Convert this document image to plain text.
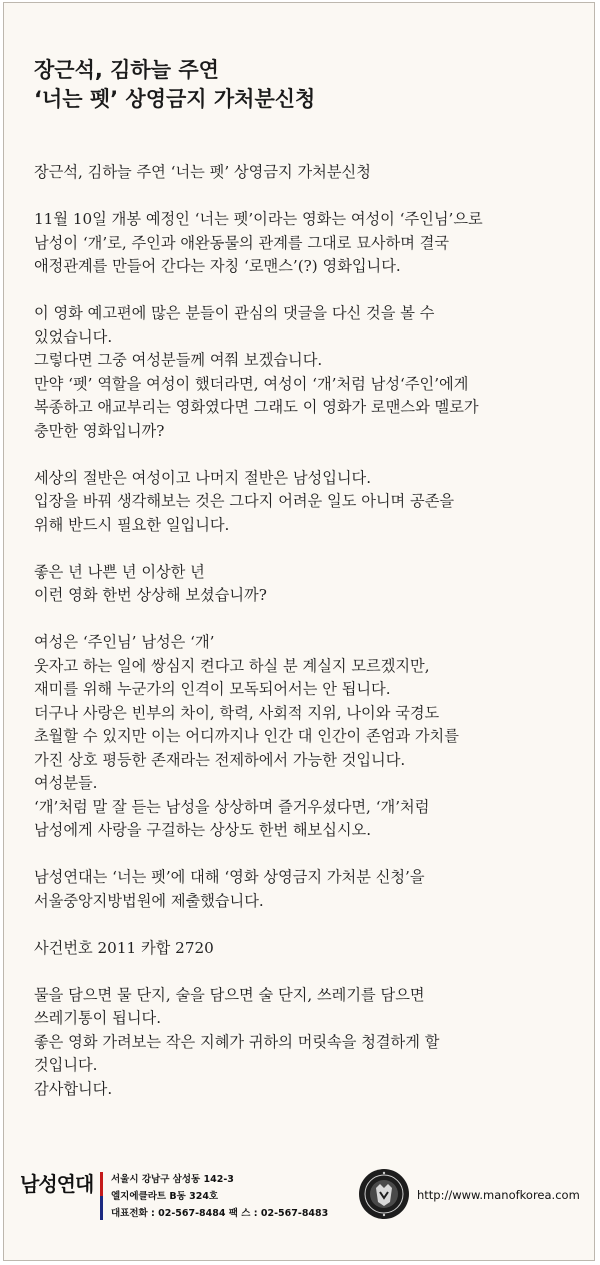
장근석, 김하늘 주연
‘너는 펫’ 상영금지 가처분신청

장근석, 김하늘 주연 ‘너는 펫’ 상영금지 가처분신청

11월 10일 개봉 예정인 ‘너는 펫’이라는 영화는 여성이 ‘주인님’으로
남성이 ‘개’로, 주인과 애완동물의 관계를 그대로 묘사하며 결국
애정관계를 만들어 간다는 자칭 ‘로맨스’(?) 영화입니다.

이 영화 예고편에 많은 분들이 관심의 댓글을 다신 것을 볼 수
있었습니다.
그렇다면 그중 여성분들께 여쭤 보겠습니다.
만약 ‘펫’ 역할을 여성이 했더라면, 여성이 ‘개’처럼 남성‘주인’에게
복종하고 애교부리는 영화였다면 그래도 이 영화가 로맨스와 멜로가
충만한 영화입니까?

세상의 절반은 여성이고 나머지 절반은 남성입니다.
입장을 바꿔 생각해보는 것은 그다지 어려운 일도 아니며 공존을
위해 반드시 필요한 일입니다.

좋은 년 나쁜 년 이상한 년
이런 영화 한번 상상해 보셨습니까?

여성은 ‘주인님’ 남성은 ‘개’
웃자고 하는 일에 쌍심지 켠다고 하실 분 계실지 모르겠지만,
재미를 위해 누군가의 인격이 모독되어서는 안 됩니다.
더구나 사랑은 빈부의 차이, 학력, 사회적 지위, 나이와 국경도
초월할 수 있지만 이는 어디까지나 인간 대 인간이 존엄과 가치를
가진 상호 평등한 존재라는 전제하에서 가능한 것입니다.
여성분들.
‘개’처럼 말 잘 듣는 남성을 상상하며 즐거우셨다면, ‘개’처럼
남성에게 사랑을 구걸하는 상상도 한번 해보십시오.

남성연대는 ‘너는 펫’에 대해 ‘영화 상영금지 가처분 신청’을
서울중앙지방법원에 제출했습니다.

사건번호 2011 카합 2720

물을 담으면 물 단지, 술을 담으면 술 단지, 쓰레기를 담으면
쓰레기통이 됩니다.
좋은 영화 가려보는 작은 지혜가 귀하의 머릿속을 청결하게 할
것입니다.
감사합니다.

남성연대 서울시 강남구 삼성동 142-3
엘지에클라트 B동 324호
대표전화 : 02-567-8484 팩 스 : 02-567-8483
http://www.manofkorea.com
